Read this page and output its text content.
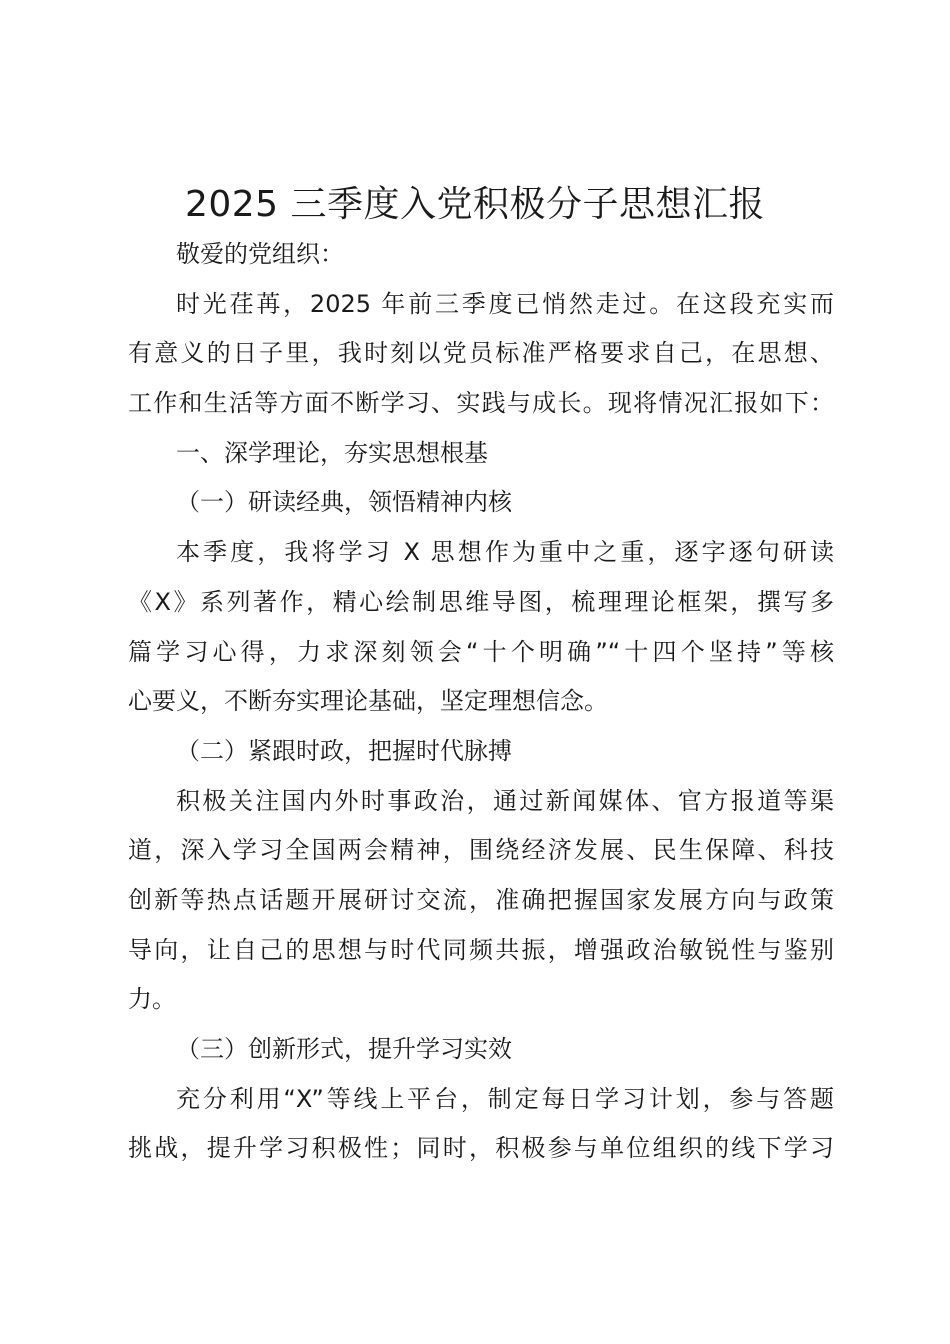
2025 三季度入党积极分子思想汇报
敬爱的党组织：
时光荏苒，2025 年前三季度已悄然走过。在这段充实而
有意义的日子里，我时刻以党员标准严格要求自己，在思想、
工作和生活等方面不断学习、实践与成长。现将情况汇报如下：
一、深学理论，夯实思想根基
（一）研读经典，领悟精神内核
本季度，我将学习 X 思想作为重中之重，逐字逐句研读
《X》系列著作，精心绘制思维导图，梳理理论框架，撰写多
篇学习心得，力求深刻领会“十个明确”“十四个坚持”等核
心要义，不断夯实理论基础，坚定理想信念。
（二）紧跟时政，把握时代脉搏
积极关注国内外时事政治，通过新闻媒体、官方报道等渠
道，深入学习全国两会精神，围绕经济发展、民生保障、科技
创新等热点话题开展研讨交流，准确把握国家发展方向与政策
导向，让自己的思想与时代同频共振，增强政治敏锐性与鉴别
力。
（三）创新形式，提升学习实效
充分利用“X”等线上平台，制定每日学习计划，参与答题
挑战，提升学习积极性；同时，积极参与单位组织的线下学习
